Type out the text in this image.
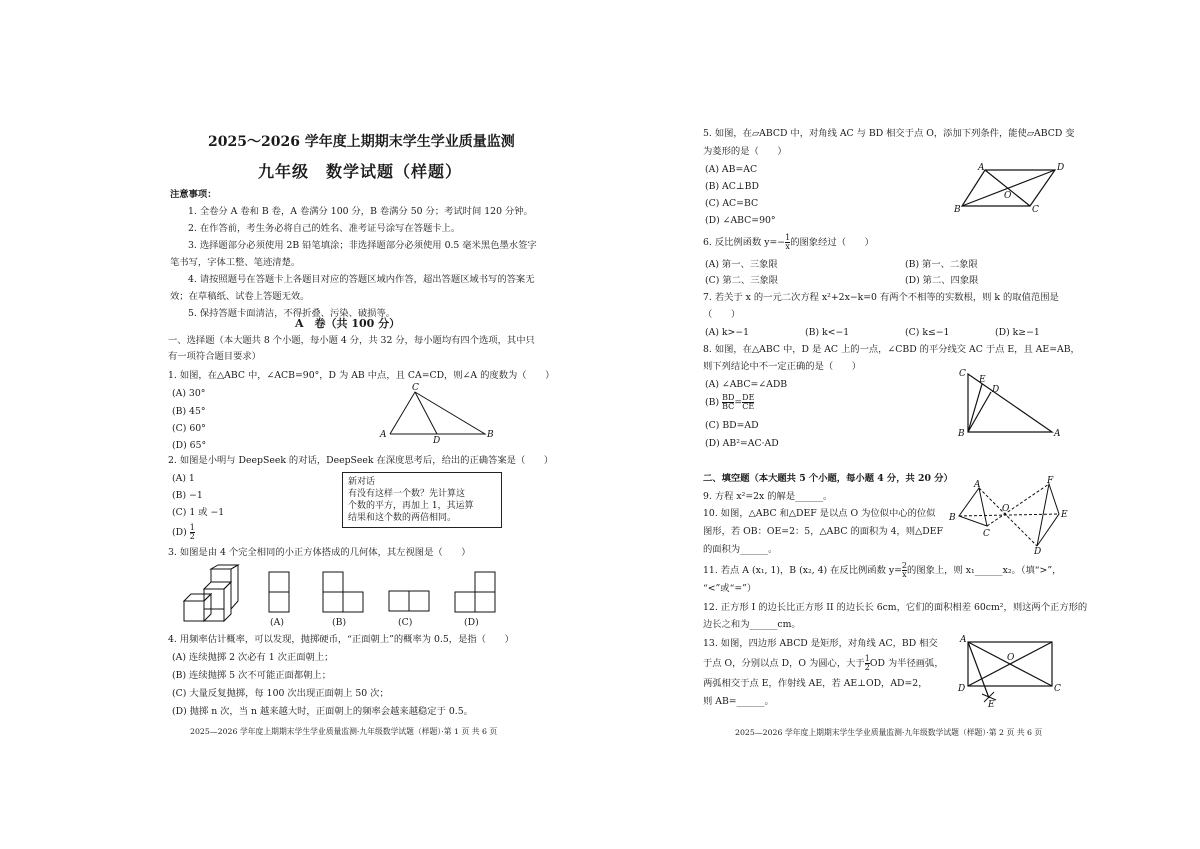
2025～2026 学年度上期期末学生学业质量监测
九年级　数学试题（样题）
注意事项：
1. 全卷分 A 卷和 B 卷，A 卷满分 100 分，B 卷满分 50 分；考试时间 120 分钟。
2. 在作答前，考生务必将自己的姓名、准考证号涂写在答题卡上。
3. 选择题部分必须使用 2B 铅笔填涂；非选择题部分必须使用 0.5 毫米黑色墨水签字
笔书写，字体工整、笔迹清楚。
4. 请按照题号在答题卡上各题目对应的答题区域内作答，超出答题区域书写的答案无
效；在草稿纸、试卷上答题无效。
5. 保持答题卡面清洁，不得折叠、污染、破损等。
A　卷（共 100 分）
一、选择题（本大题共 8 个小题，每小题 4 分，共 32 分，每小题均有四个选项，其中只
有一项符合题目要求）
1. 如图，在△ABC 中，∠ACB=90°，D 为 AB 中点，且 CA=CD，则∠A 的度数为（　　）
(A) 30°
(B) 45°
(C) 60°
(D) 65°
C
A
D
B
2. 如图是小明与 DeepSeek 的对话，DeepSeek 在深度思考后，给出的正确答案是（　　）
(A) 1
(B) −1
(C) 1 或 −1
$(D) \frac{1}{2}$
新对话
有没有这样一个数？先计算这
个数的平方，再加上 1，其运算
结果和这个数的两倍相同。
3. 如图是由 4 个完全相同的小正方体搭成的几何体，其左视图是（　　）
(A)	(B)	(C)	(D)
4. 用频率估计概率，可以发现，抛掷硬币，“正面朝上”的概率为 0.5，是指（　　）
(A) 连续抛掷 2 次必有 1 次正面朝上；
(B) 连续抛掷 5 次不可能正面都朝上；
(C) 大量反复抛掷，每 100 次出现正面朝上 50 次；
(D) 抛掷 n 次，当 n 越来越大时，正面朝上的频率会越来越稳定于 0.5。
2025—2026 学年度上期期末学生学业质量监测·九年级数学试题（样题）·第 1 页 共 6 页
5. 如图，在▱ABCD 中，对角线 AC 与 BD 相交于点 O，添加下列条件，能使▱ABCD 变
为菱形的是（　　）
(A) AB=AC
(B) AC⊥BD
(C) AC=BC
(D) ∠ABC=90°
A	D
B	C
O
6. 反比例函数 $y=- \frac{1}{x}$ 的图象经过（　　）
(A) 第一、三象限	(B) 第一、二象限
(C) 第二、三象限	(D) 第二、四象限
7. 若关于 x 的一元二次方程 x²+2x−k=0 有两个不相等的实数根，则 k 的取值范围是
（　　）
(A) k>−1	(B) k<−1	(C) k≤−1	(D) k≥−1
8. 如图，在△ABC 中，D 是 AC 上的一点，∠CBD 的平分线交 AC 于点 E，且 AE=AB，
则下列结论中不一定正确的是（　　）
(A) ∠ABC=∠ADB
$(B) \frac{BD}{BC} = \frac{DE}{CE}$
(C) BD=AD
(D) AB²=AC·AD
C
E
D
B	A
二、填空题（本大题共 5 个小题，每小题 4 分，共 20 分）
9. 方程 x²=2x 的解是______。
10. 如图，△ABC 和△DEF 是以点 O 为位似中心的位似
图形，若 OB：OE=2：5，△ABC 的面积为 4，则△DEF
的面积为______。
A	F
B
O
E
C
D
11. 若点 A (x₁, 1)，B (x₂, 4) 在反比例函数 $y= \frac{2}{x}$ 的图象上，则 x₁______x₂。（填“>”，
“<”或“=”）
12. 正方形 I 的边长比正方形 II 的边长长 6cm，它们的面积相差 60cm²，则这两个正方形的
边长之和为______cm。
13. 如图，四边形 ABCD 是矩形，对角线 AC，BD 相交
于点 O，分别以点 D，O 为圆心，大于 $\frac{1}{2}$ OD 为半径画弧，
两弧相交于点 E，作射线 AE，若 AE⊥OD，AD=2，
则 AB=______。
A
O
D	C
E
2025—2026 学年度上期期末学生学业质量监测·九年级数学试题（样题）·第 2 页 共 6 页
